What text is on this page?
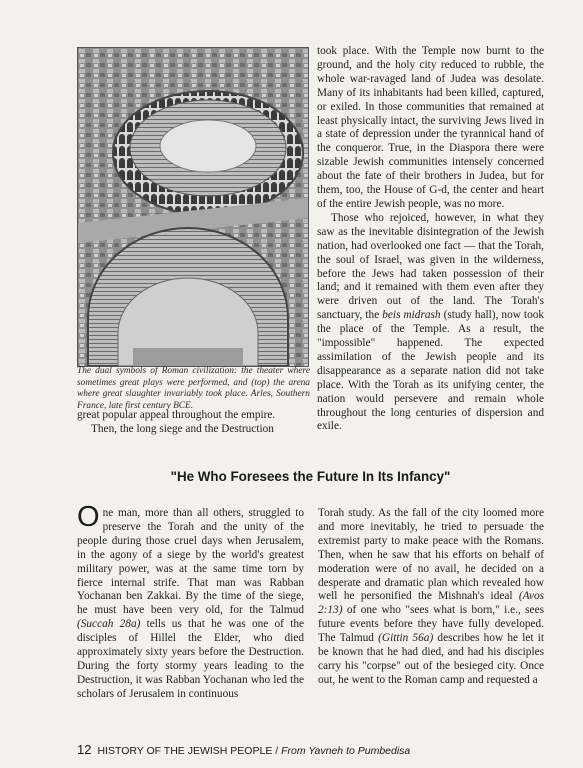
The dual symbols of Roman civilization: the theater where sometimes great plays were performed, and (top) the arena where great slaughter invariably took place. Arles, Southern France, late first century BCE.

took place. With the Temple now burnt to the ground, and the holy city reduced to rubble, the whole war-ravaged land of Judea was desolate. Many of its inhabitants had been killed, captured, or exiled. In those communities that remained at least physically intact, the surviving Jews lived in a state of depression under the tyrannical hand of the conqueror. True, in the Diaspora there were sizable Jewish communities intensely concerned about the fate of their brothers in Judea, but for them, too, the House of G-d, the center and heart of the entire Jewish people, was no more.

Those who rejoiced, however, in what they saw as the inevitable disintegration of the Jewish nation, had overlooked one fact — that the Torah, the soul of Israel, was given in the wilderness, before the Jews had taken possession of their land; and it remained with them even after they were driven out of the land. The Torah's sanctuary, the beis midrash (study hall), now took the place of the Temple. As a result, the "impossible" happened. The expected assimilation of the Jewish people and its disappearance as a separate nation did not take place. With the Torah as its unifying center, the nation would persevere and remain whole throughout the long centuries of dispersion and exile.

great popular appeal throughout the empire.

Then, the long siege and the Destruction

"He Who Foresees the Future In Its Infancy"

One man, more than all others, struggled to preserve the Torah and the unity of the people during those cruel days when Jerusalem, in the agony of a siege by the world's greatest military power, was at the same time torn by fierce internal strife. That man was Rabban Yochanan ben Zakkai. By the time of the siege, he must have been very old, for the Talmud (Succah 28a) tells us that he was one of the disciples of Hillel the Elder, who died approximately sixty years before the Destruction. During the forty stormy years leading to the Destruction, it was Rabban Yochanan who led the scholars of Jerusalem in continuous

Torah study. As the fall of the city loomed more and more inevitably, he tried to persuade the extremist party to make peace with the Romans. Then, when he saw that his efforts on behalf of moderation were of no avail, he decided on a desperate and dramatic plan which revealed how well he personified the Mishnah's ideal (Avos 2:13) of one who "sees what is born," i.e., sees future events before they have fully developed. The Talmud (Gittin 56a) describes how he let it be known that he had died, and had his disciples carry his "corpse" out of the besieged city. Once out, he went to the Roman camp and requested a

12 HISTORY OF THE JEWISH PEOPLE / From Yavneh to Pumbedisa
